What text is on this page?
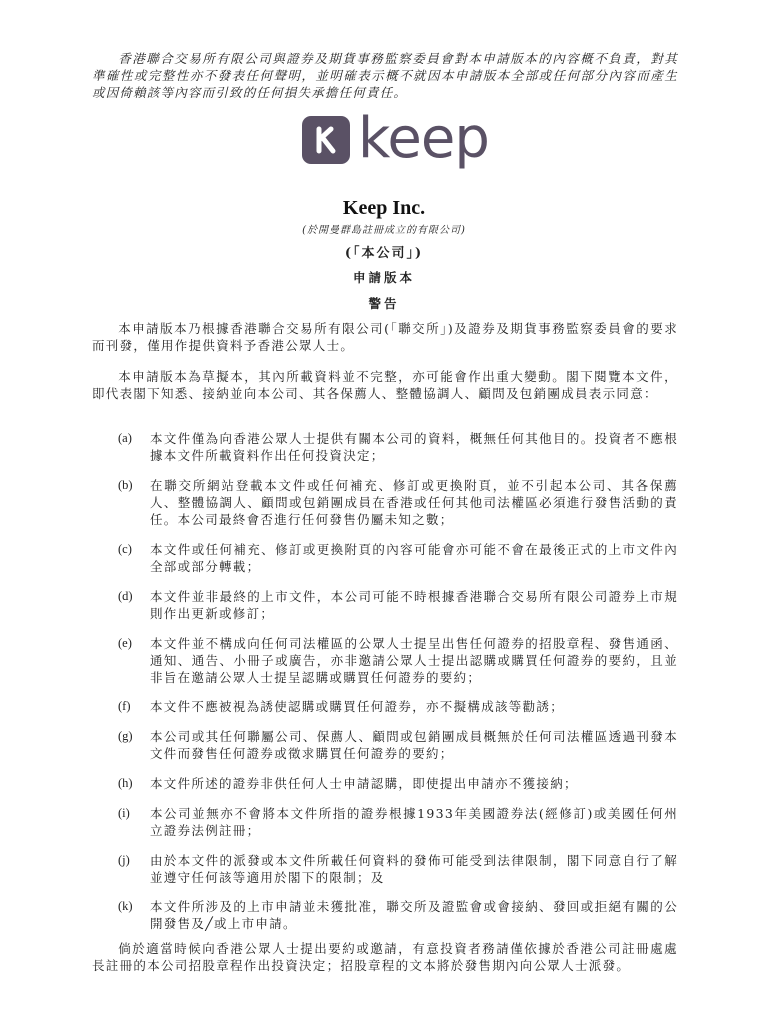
香港聯合交易所有限公司與證券及期貨事務監察委員會對本申請版本的內容概不負責，對其準確性或完整性亦不發表任何聲明，並明確表示概不就因本申請版本全部或任何部分內容而產生或因倚賴該等內容而引致的任何損失承擔任何責任。
keep
Keep Inc.
(於開曼群島註冊成立的有限公司)
(「本公司」)
申請版本
警告
本申請版本乃根據香港聯合交易所有限公司(「聯交所」)及證券及期貨事務監察委員會的要求而刊發，僅用作提供資料予香港公眾人士。
本申請版本為草擬本，其內所載資料並不完整，亦可能會作出重大變動。閣下閱覽本文件，即代表閣下知悉、接納並向本公司、其各保薦人、整體協調人、顧問及包銷團成員表示同意：
(a) 本文件僅為向香港公眾人士提供有關本公司的資料，概無任何其他目的。投資者不應根據本文件所載資料作出任何投資決定；
(b) 在聯交所網站登載本文件或任何補充、修訂或更換附頁，並不引起本公司、其各保薦人、整體協調人、顧問或包銷團成員在香港或任何其他司法權區必須進行發售活動的責任。本公司最終會否進行任何發售仍屬未知之數；
(c) 本文件或任何補充、修訂或更換附頁的內容可能會亦可能不會在最後正式的上市文件內全部或部分轉載；
(d) 本文件並非最終的上市文件，本公司可能不時根據香港聯合交易所有限公司證券上市規則作出更新或修訂；
(e) 本文件並不構成向任何司法權區的公眾人士提呈出售任何證券的招股章程、發售通函、通知、通告、小冊子或廣告，亦非邀請公眾人士提出認購或購買任何證券的要約，且並非旨在邀請公眾人士提呈認購或購買任何證券的要約；
(f) 本文件不應被視為誘使認購或購買任何證券，亦不擬構成該等勸誘；
(g) 本公司或其任何聯屬公司、保薦人、顧問或包銷團成員概無於任何司法權區透過刊發本文件而發售任何證券或徵求購買任何證券的要約；
(h) 本文件所述的證券非供任何人士申請認購，即使提出申請亦不獲接納；
(i) 本公司並無亦不會將本文件所指的證券根據1933年美國證券法(經修訂)或美國任何州立證券法例註冊；
(j) 由於本文件的派發或本文件所載任何資料的發佈可能受到法律限制，閣下同意自行了解並遵守任何該等適用於閣下的限制；及
(k) 本文件所涉及的上市申請並未獲批准，聯交所及證監會或會接納、發回或拒絕有關的公開發售及╱或上市申請。
倘於適當時候向香港公眾人士提出要約或邀請，有意投資者務請僅依據於香港公司註冊處處長註冊的本公司招股章程作出投資決定；招股章程的文本將於發售期內向公眾人士派發。
